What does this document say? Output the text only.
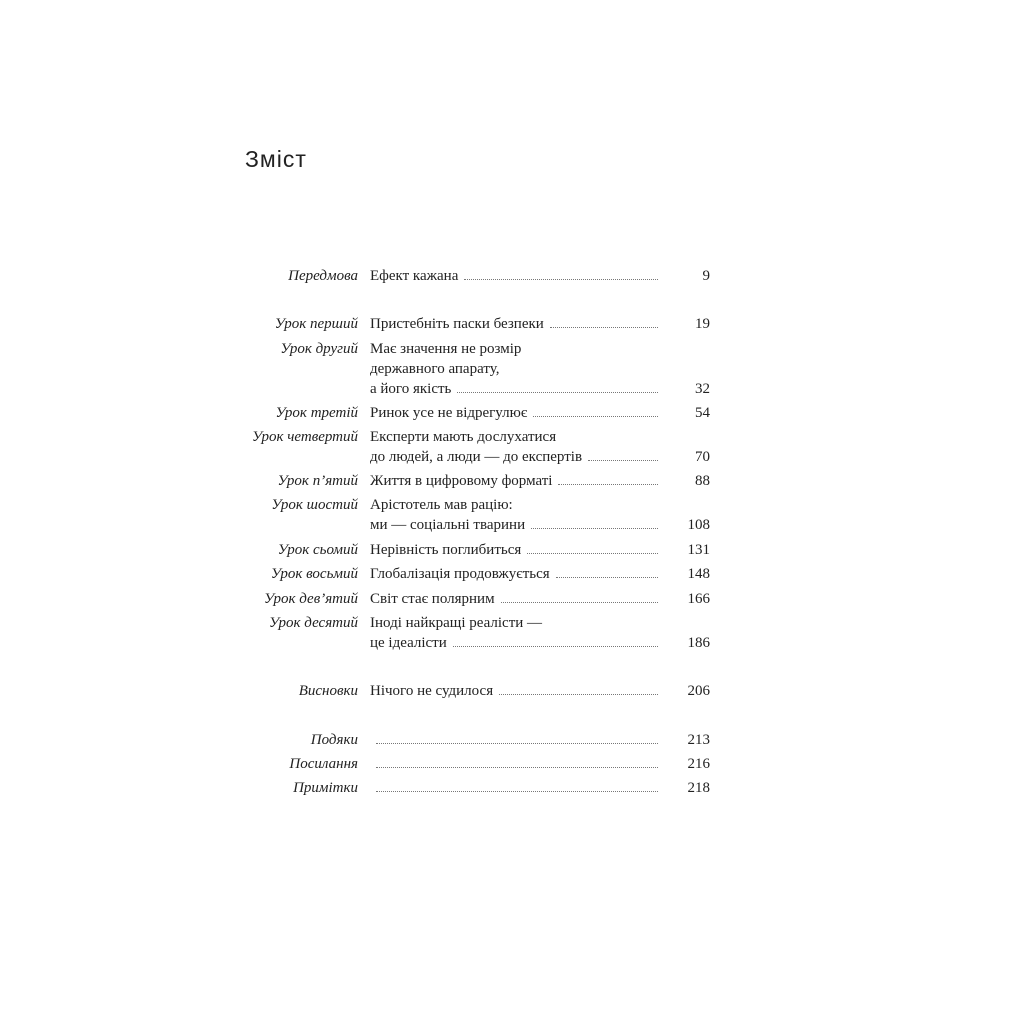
Зміст
Передмова Ефект кажана	9
Урок перший Пристебніть паски безпеки	19
Урок другий Має значення не розмір
державного апарату,
а його якість	32
Урок третій Ринок усе не відрегулює	54
Урок четвертий Експерти мають дослухатися
до людей, а люди — до експертів	70
Урок п’ятий Життя в цифровому форматі	88
Урок шостий Арістотель мав рацію:
ми — соціальні тварини	108
Урок сьомий Нерівність поглибиться	131
Урок восьмий Глобалізація продовжується	148
Урок дев’ятий Світ стає полярним	166
Урок десятий Іноді найкращі реалісти —
це ідеалісти	186
Висновки Нічого не судилося	206
Подяки	213
Посилання	216
Примітки	218
